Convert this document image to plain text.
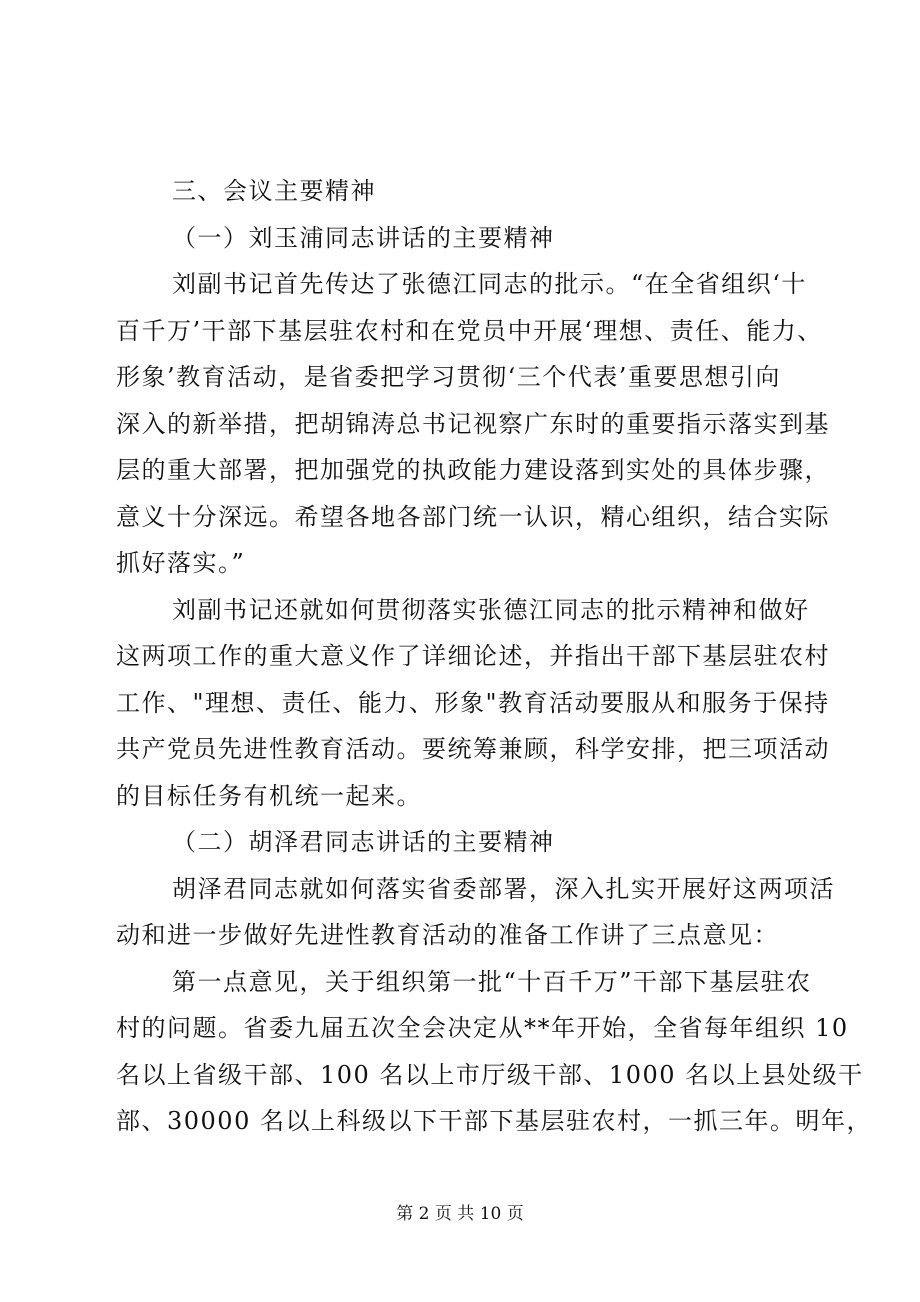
三、会议主要精神
（一）刘玉浦同志讲话的主要精神
刘副书记首先传达了张德江同志的批示。“在全省组织‘十
百千万’干部下基层驻农村和在党员中开展‘理想、责任、能力、
形象’教育活动，是省委把学习贯彻‘三个代表’重要思想引向
深入的新举措，把胡锦涛总书记视察广东时的重要指示落实到基
层的重大部署，把加强党的执政能力建设落到实处的具体步骤，
意义十分深远。希望各地各部门统一认识，精心组织，结合实际
抓好落实。”
刘副书记还就如何贯彻落实张德江同志的批示精神和做好
这两项工作的重大意义作了详细论述，并指出干部下基层驻农村
工作、"理想、责任、能力、形象"教育活动要服从和服务于保持
共产党员先进性教育活动。要统筹兼顾，科学安排，把三项活动
的目标任务有机统一起来。
（二）胡泽君同志讲话的主要精神
胡泽君同志就如何落实省委部署，深入扎实开展好这两项活
动和进一步做好先进性教育活动的准备工作讲了三点意见：
第一点意见，关于组织第一批“十百千万”干部下基层驻农
村的问题。省委九届五次全会决定从**年开始，全省每年组织 10
名以上省级干部、100 名以上市厅级干部、1000 名以上县处级干
部、30000 名以上科级以下干部下基层驻农村，一抓三年。明年，
第 2 页 共 10 页
